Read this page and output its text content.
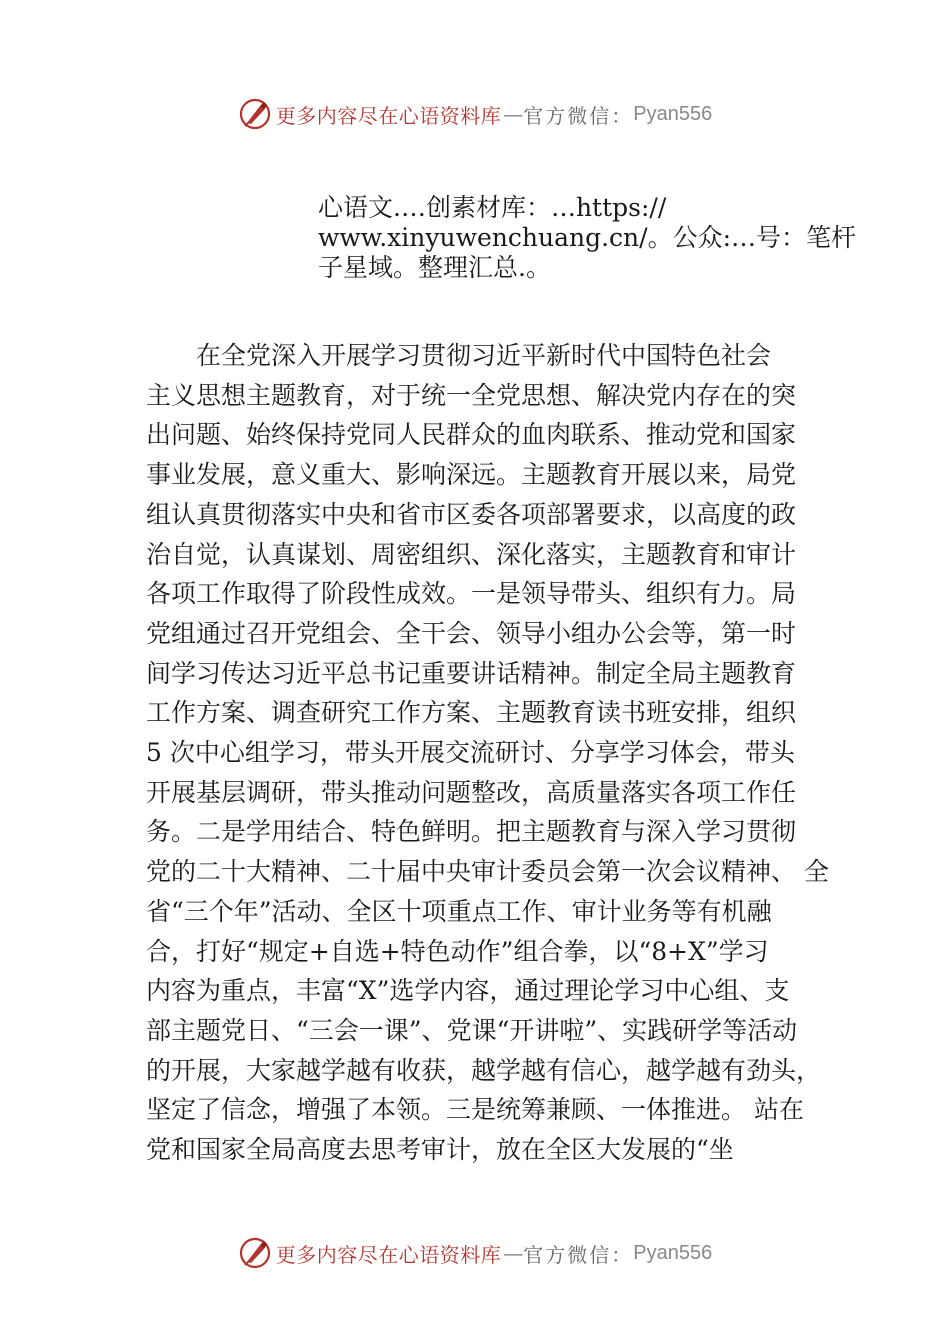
更多内容尽在心语资料库 — 官方微信： Pyan556
心语文.…创素材库：…https://
www.xinyuwenchuang.cn/。公众:…号：笔杆
子星域。整理汇总.。
　　在全党深入开展学习贯彻习近平新时代中国特色社会
主义思想主题教育，对于统一全党思想、解决党内存在的突
出问题、始终保持党同人民群众的血肉联系、推动党和国家
事业发展，意义重大、影响深远。主题教育开展以来，局党
组认真贯彻落实中央和省市区委各项部署要求，以高度的政
治自觉，认真谋划、周密组织、深化落实，主题教育和审计
各项工作取得了阶段性成效。一是领导带头、组织有力。局
党组通过召开党组会、全干会、领导小组办公会等，第一时
间学习传达习近平总书记重要讲话精神。制定全局主题教育
工作方案、调查研究工作方案、主题教育读书班安排，组织
5 次中心组学习，带头开展交流研讨、分享学习体会，带头
开展基层调研，带头推动问题整改，高质量落实各项工作任
务。二是学用结合、特色鲜明。把主题教育与深入学习贯彻
党的二十大精神、二十届中央审计委员会第一次会议精神、 全
省“三个年”活动、全区十项重点工作、审计业务等有机融
合，打好“规定+自选+特色动作”组合拳，以“8+X”学习
内容为重点，丰富“X”选学内容，通过理论学习中心组、支
部主题党日、“三会一课”、党课“开讲啦”、实践研学等活动
的开展，大家越学越有收获，越学越有信心，越学越有劲头，
坚定了信念，增强了本领。三是统筹兼顾、一体推进。 站在
党和国家全局高度去思考审计，放在全区大发展的“坐
更多内容尽在心语资料库 — 官方微信： Pyan556
